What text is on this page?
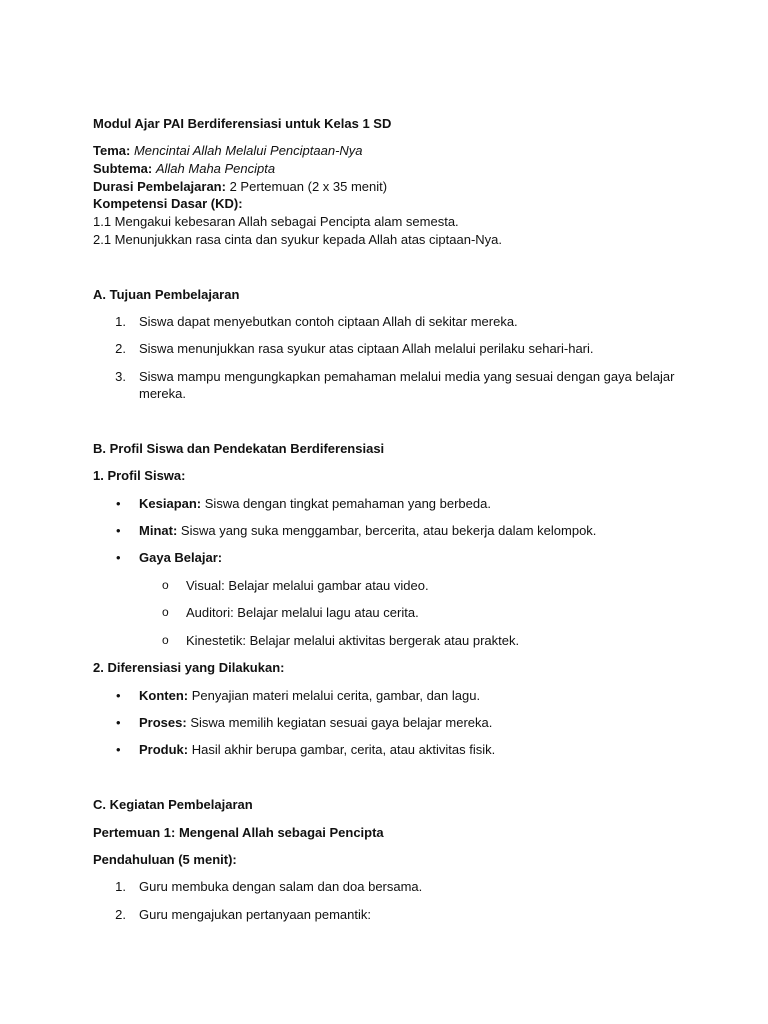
Modul Ajar PAI Berdiferensiasi untuk Kelas 1 SD
Tema: Mencintai Allah Melalui Penciptaan-Nya
Subtema: Allah Maha Pencipta
Durasi Pembelajaran: 2 Pertemuan (2 x 35 menit)
Kompetensi Dasar (KD):
1.1 Mengakui kebesaran Allah sebagai Pencipta alam semesta.
2.1 Menunjukkan rasa cinta dan syukur kepada Allah atas ciptaan-Nya.
A. Tujuan Pembelajaran
1. Siswa dapat menyebutkan contoh ciptaan Allah di sekitar mereka.
2. Siswa menunjukkan rasa syukur atas ciptaan Allah melalui perilaku sehari-hari.
3. Siswa mampu mengungkapkan pemahaman melalui media yang sesuai dengan gaya belajar mereka.
B. Profil Siswa dan Pendekatan Berdiferensiasi
1. Profil Siswa:
• Kesiapan: Siswa dengan tingkat pemahaman yang berbeda.
• Minat: Siswa yang suka menggambar, bercerita, atau bekerja dalam kelompok.
• Gaya Belajar:
o Visual: Belajar melalui gambar atau video.
o Auditori: Belajar melalui lagu atau cerita.
o Kinestetik: Belajar melalui aktivitas bergerak atau praktek.
2. Diferensiasi yang Dilakukan:
• Konten: Penyajian materi melalui cerita, gambar, dan lagu.
• Proses: Siswa memilih kegiatan sesuai gaya belajar mereka.
• Produk: Hasil akhir berupa gambar, cerita, atau aktivitas fisik.
C. Kegiatan Pembelajaran
Pertemuan 1: Mengenal Allah sebagai Pencipta
Pendahuluan (5 menit):
1. Guru membuka dengan salam dan doa bersama.
2. Guru mengajukan pertanyaan pemantik:
